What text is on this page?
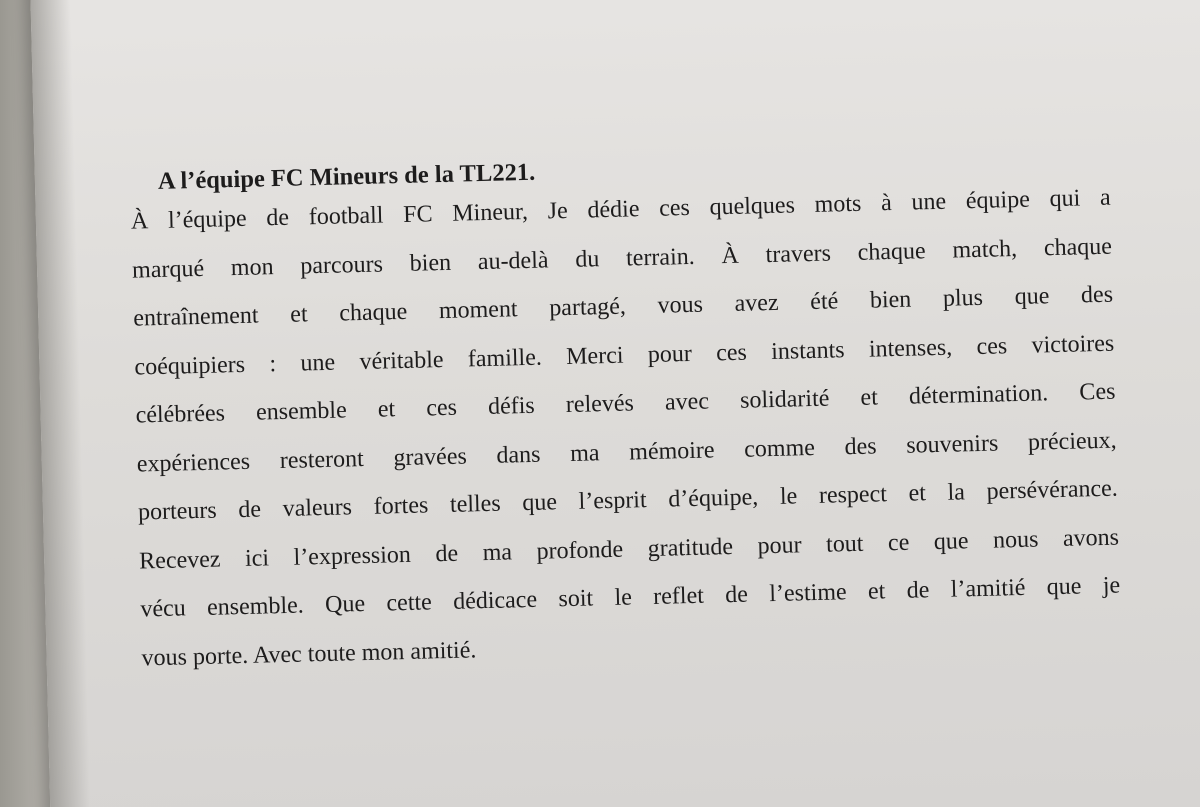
A l’équipe FC Mineurs de la TL221.
À l’équipe de football FC Mineur, Je dédie ces quelques mots à une équipe qui a
marqué mon parcours bien au-delà du terrain. À travers chaque match, chaque
entraînement et chaque moment partagé, vous avez été bien plus que des
coéquipiers : une véritable famille. Merci pour ces instants intenses, ces victoires
célébrées ensemble et ces défis relevés avec solidarité et détermination. Ces
expériences resteront gravées dans ma mémoire comme des souvenirs précieux,
porteurs de valeurs fortes telles que l’esprit d’équipe, le respect et la persévérance.
Recevez ici l’expression de ma profonde gratitude pour tout ce que nous avons
vécu ensemble. Que cette dédicace soit le reflet de l’estime et de l’amitié que je
vous porte. Avec toute mon amitié.
